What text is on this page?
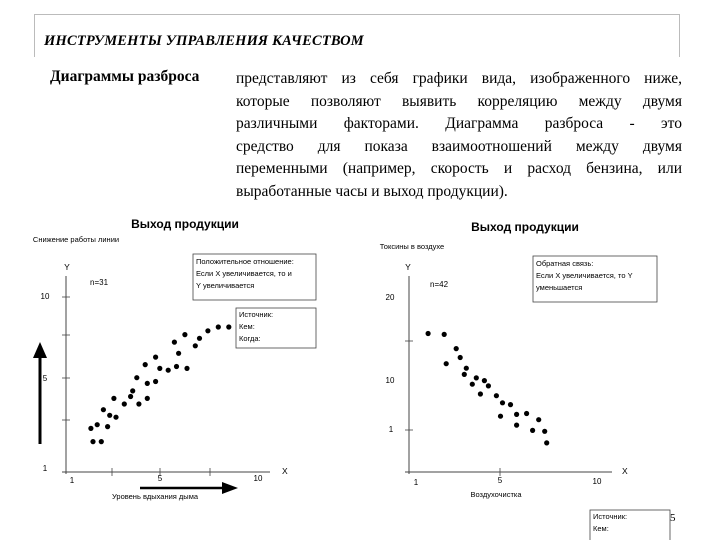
ИНСТРУМЕНТЫ УПРАВЛЕНИЯ КАЧЕСТВОМ
Диаграммы разброса представляют из себя графики вида, изображенного ниже,
которые позволяют выявить корреляцию между двумя
различными факторами. Диаграмма разброса - это
средство для показа взаимоотношений между двумя
переменными (например, скорость и расход бензина, или
выработанные часы и выход продукции).
Выход продукции
Снижение работы линии
Y
n=31
10
5
1
1	5	10
X
Уровень вдыхания дыма
Положительное отношение:
Если X увеличивается, то и
Y увеличивается
Источник:
Кем:
Когда:
Выход продукции
Токсины в воздухе
Y
n=42
20
10
1
1	5	10
X
Воздухочистка
Обратная связь:
Если X увеличивается, то Y
уменьшается
Источник:
Кем:
5
